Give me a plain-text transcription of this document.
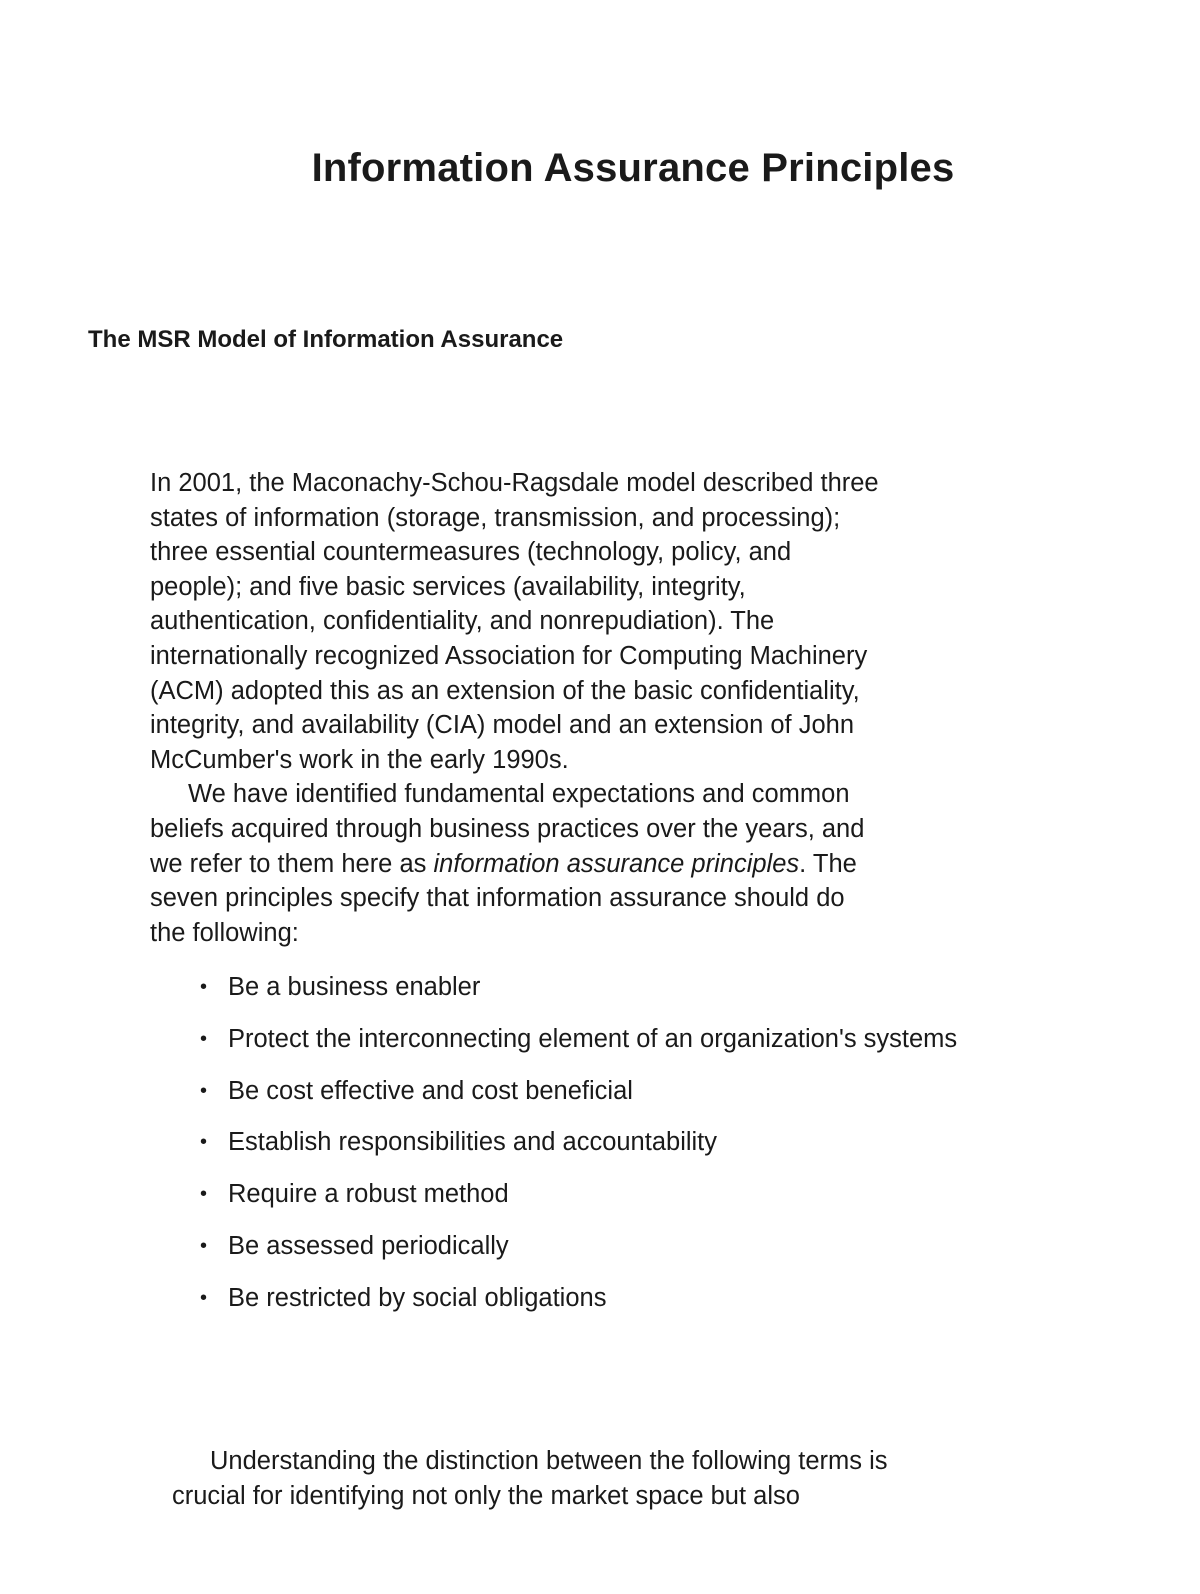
Information Assurance Principles
The MSR Model of Information Assurance

In 2001, the Maconachy-Schou-Ragsdale model described three
states of information (storage, transmission, and processing);
three essential countermeasures (technology, policy, and
people); and five basic services (availability, integrity,
authentication, confidentiality, and nonrepudiation). The
internationally recognized Association for Computing Machinery
(ACM) adopted this as an extension of the basic confidentiality,
integrity, and availability (CIA) model and an extension of John
McCumber's work in the early 1990s.

We have identified fundamental expectations and common
beliefs acquired through business practices over the years, and
we refer to them here as information assurance principles. The
seven principles specify that information assurance should do
the following:

• Be a business enabler
• Protect the interconnecting element of an organization's systems
• Be cost effective and cost beneficial
• Establish responsibilities and accountability
• Require a robust method
• Be assessed periodically
• Be restricted by social obligations

Understanding the distinction between the following terms is
crucial for identifying not only the market space but also
